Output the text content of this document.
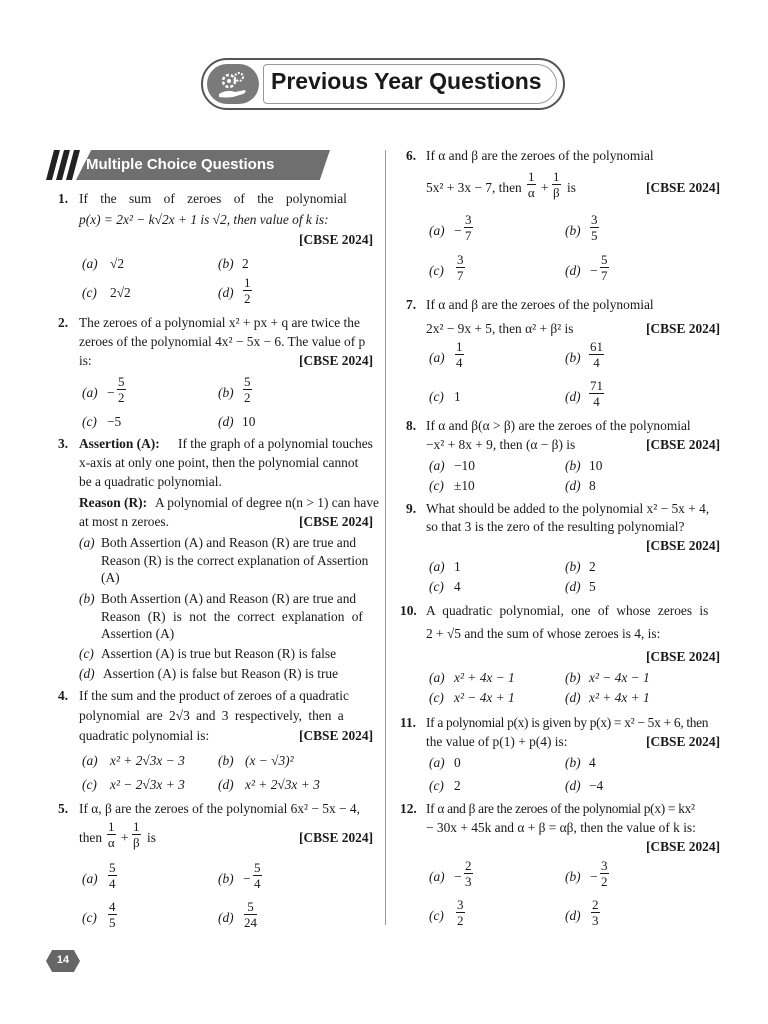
Previous Year Questions
Multiple Choice Questions
1. If the sum of zeroes of the polynomial
p(x) = 2x² − k√2x + 1 is √2, then value of k is:
[CBSE 2024]
(a) √2	(b) 2
(c) 2√2	$(d) \frac{1}{2}$
2. The zeroes of a polynomial x² + px + q are twice the
zeroes of the polynomial 4x² − 5x − 6. The value of p
is:	[CBSE 2024]
$(a) - \frac{5}{2}$	$(b) \frac{5}{2}$
(c) −5	(d) 10
3. Assertion (A): If the graph of a polynomial touches
x-axis at only one point, then the polynomial cannot
be a quadratic polynomial.
Reason (R): A polynomial of degree n(n > 1) can have
at most n zeroes.	[CBSE 2024]
(a) Both Assertion (A) and Reason (R) are true and
Reason (R) is the correct explanation of Assertion
(A)
(b) Both Assertion (A) and Reason (R) are true and
Reason (R) is not the correct explanation of
Assertion (A)
(c) Assertion (A) is true but Reason (R) is false
(d) Assertion (A) is false but Reason (R) is true
4. If the sum and the product of zeroes of a quadratic
polynomial are 2√3 and 3 respectively, then a
quadratic polynomial is:	[CBSE 2024]
(a) x² + 2√3x − 3 (b) (x − √3)²
(c) x² − 2√3x + 3 (d) x² + 2√3x + 3
5. If α, β are the zeroes of the polynomial 6x² − 5x − 4,
then $\frac{1}{\alpha} + \frac{1}{\beta}$ is	[CBSE 2024]
$(a) \frac{5}{4}$	$(b) - \frac{5}{4}$
$(c) \frac{4}{5}$	$(d) \frac{5}{24}$
6. If α and β are the zeroes of the polynomial
5x² + 3x − 7, then $\frac{1}{\alpha} + \frac{1}{\beta}$ is	[CBSE 2024]
$(a) - \frac{3}{7}$	$(b) \frac{3}{5}$
$(c) \frac{3}{7}$	$(d) - \frac{5}{7}$
7. If α and β are the zeroes of the polynomial
2x² − 9x + 5, then α² + β² is	[CBSE 2024]
$(a) \frac{1}{4}$	$(b) \frac{61}{4}$
(c) 1	$(d) \frac{71}{4}$
8. If α and β(α > β) are the zeroes of the polynomial
−x² + 8x + 9, then (α − β) is	[CBSE 2024]
(a) −10	(b) 10
(c) ±10	(d) 8
9. What should be added to the polynomial x² − 5x + 4,
so that 3 is the zero of the resulting polynomial?
[CBSE 2024]
(a) 1	(b) 2
(c) 4	(d) 5
10. A quadratic polynomial, one of whose zeroes is
2 + √5 and the sum of whose zeroes is 4, is:
[CBSE 2024]
(a) x² + 4x − 1	(b) x² − 4x − 1
(c) x² − 4x + 1	(d) x² + 4x + 1
11. If a polynomial p(x) is given by p(x) = x² − 5x + 6, then
the value of p(1) + p(4) is:	[CBSE 2024]
(a) 0	(b) 4
(c) 2	(d) −4
12. If α and β are the zeroes of the polynomial p(x) = kx²
− 30x + 45k and α + β = αβ, then the value of k is:
[CBSE 2024]
$(a) - \frac{2}{3}$	$(b) - \frac{3}{2}$
$(c) \frac{3}{2}$	$(d) \frac{2}{3}$
14
